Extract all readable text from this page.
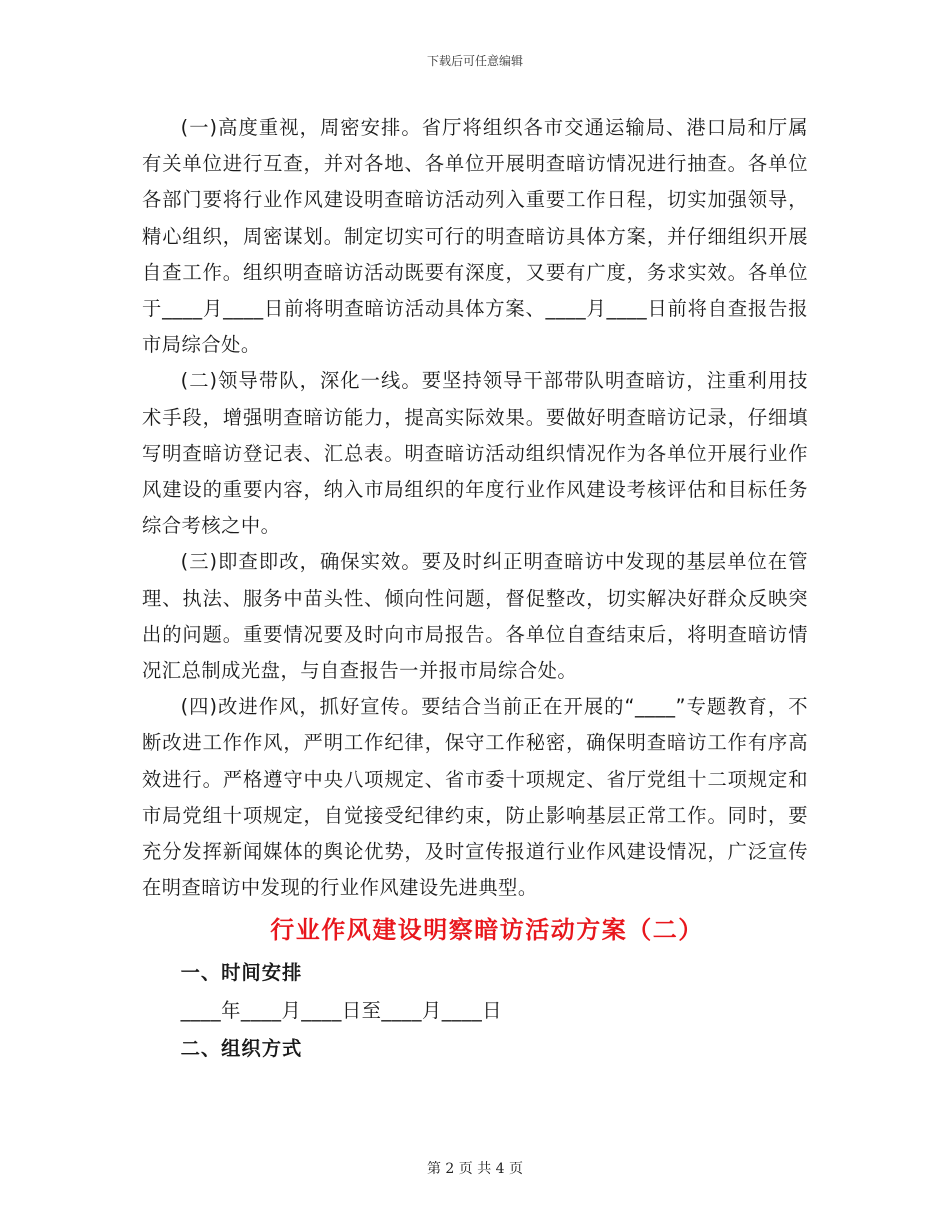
下载后可任意编辑

(一)高度重视，周密安排。省厅将组织各市交通运输局、港口局和厅属有关单位进行互查，并对各地、各单位开展明查暗访情况进行抽查。各单位各部门要将行业作风建设明查暗访活动列入重要工作日程，切实加强领导，精心组织，周密谋划。制定切实可行的明查暗访具体方案，并仔细组织开展自查工作。组织明查暗访活动既要有深度，又要有广度，务求实效。各单位于____月____日前将明查暗访活动具体方案、____月____日前将自查报告报市局综合处。

(二)领导带队，深化一线。要坚持领导干部带队明查暗访，注重利用技术手段，增强明查暗访能力，提高实际效果。要做好明查暗访记录，仔细填写明查暗访登记表、汇总表。明查暗访活动组织情况作为各单位开展行业作风建设的重要内容，纳入市局组织的年度行业作风建设考核评估和目标任务综合考核之中。

(三)即查即改，确保实效。要及时纠正明查暗访中发现的基层单位在管理、执法、服务中苗头性、倾向性问题，督促整改，切实解决好群众反映突出的问题。重要情况要及时向市局报告。各单位自查结束后，将明查暗访情况汇总制成光盘，与自查报告一并报市局综合处。

(四)改进作风，抓好宣传。要结合当前正在开展的“____”专题教育，不断改进工作作风，严明工作纪律，保守工作秘密，确保明查暗访工作有序高效进行。严格遵守中央八项规定、省市委十项规定、省厅党组十二项规定和市局党组十项规定，自觉接受纪律约束，防止影响基层正常工作。同时，要充分发挥新闻媒体的舆论优势，及时宣传报道行业作风建设情况，广泛宣传在明查暗访中发现的行业作风建设先进典型。

行业作风建设明察暗访活动方案（二）

一、时间安排

____年____月____日至____月____日

二、组织方式

第 2 页 共 4 页
